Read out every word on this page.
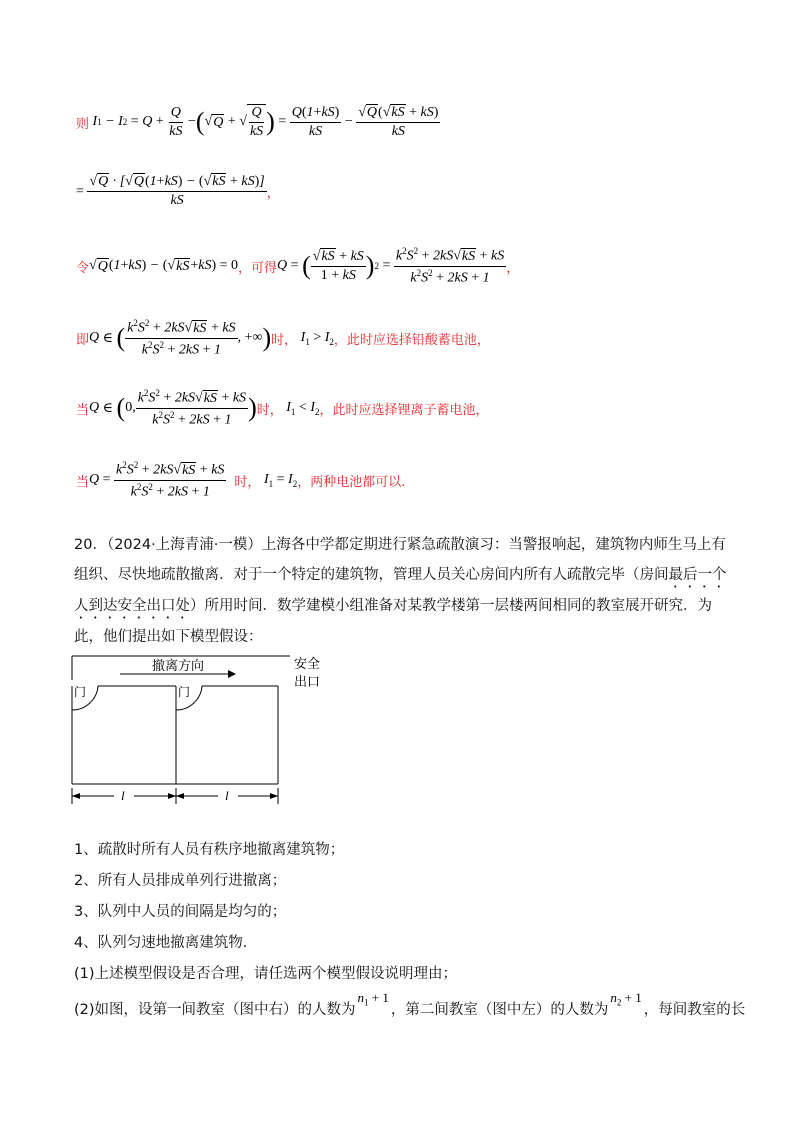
则 I 1 − I 2
= Q +
$\frac{Q}{kS}$
− ( √ Q
+
√ $\frac{Q}{kS}$ )
=
$\frac{Q(1+kS)}{kS}$
−
$\frac{√Q(√kS + kS)}{kS}$
=
$\frac{√Q \cdot [√Q(1+kS) - (√kS + kS)]}{kS}$ ，
令 √ Q ( 1 + kS ) − ( √ kS + kS )
=
0 ，可得 Q =
( $\frac{√kS + kS}{1 + kS}$ ) 2
=
$\frac{k^2S^2 + 2kS√kS + kS}{k^2S^2 + 2kS + 1}$ ，
即 Q ∈
( $\frac{k^2S^2 + 2kS√kS + kS}{k^2S^2 + 2kS + 1}$ , +∞ ) 时， $I_1 > I_2$ ，此时应选择铅酸蓄电池，
当 Q ∈
( 0, $\frac{k^2S^2 + 2kS√kS + kS}{k^2S^2 + 2kS + 1}$ ) 时， $I_1 < I_2$ ，此时应选择锂离子蓄电池，
当 Q =
$\frac{k^2S^2 + 2kS√kS + kS}{k^2S^2 + 2kS + 1}$ 时， $I_1 = I_2$ ，两种电池都可以.
20．（2024·上海青浦·一模）上海各中学都定期进行紧急疏散演习：当警报响起，建筑物内师生马上有组织、尽快地疏散撤离．对于一个特定的建筑物，管理人员关心房间内所有人疏散完毕（房间最后一个人到达安全出口处）所用时间．数学建模小组准备对某教学楼第一层楼两间相同的教室展开研究．为此，他们提出如下模型假设：
撤离方向	安全
出口
门	门
l	l
1、疏散时所有人员有秩序地撤离建筑物；
2、所有人员排成单列行进撤离；
3、队列中人员的间隔是均匀的；
4、队列匀速地撤离建筑物．
(1)上述模型假设是否合理，请任选两个模型假设说明理由；
(2)如图，设第一间教室（图中右）的人数为
$n_1 + 1$
，第二间教室（图中左）的人数为
$n_2 + 1$
，每间教室的长
